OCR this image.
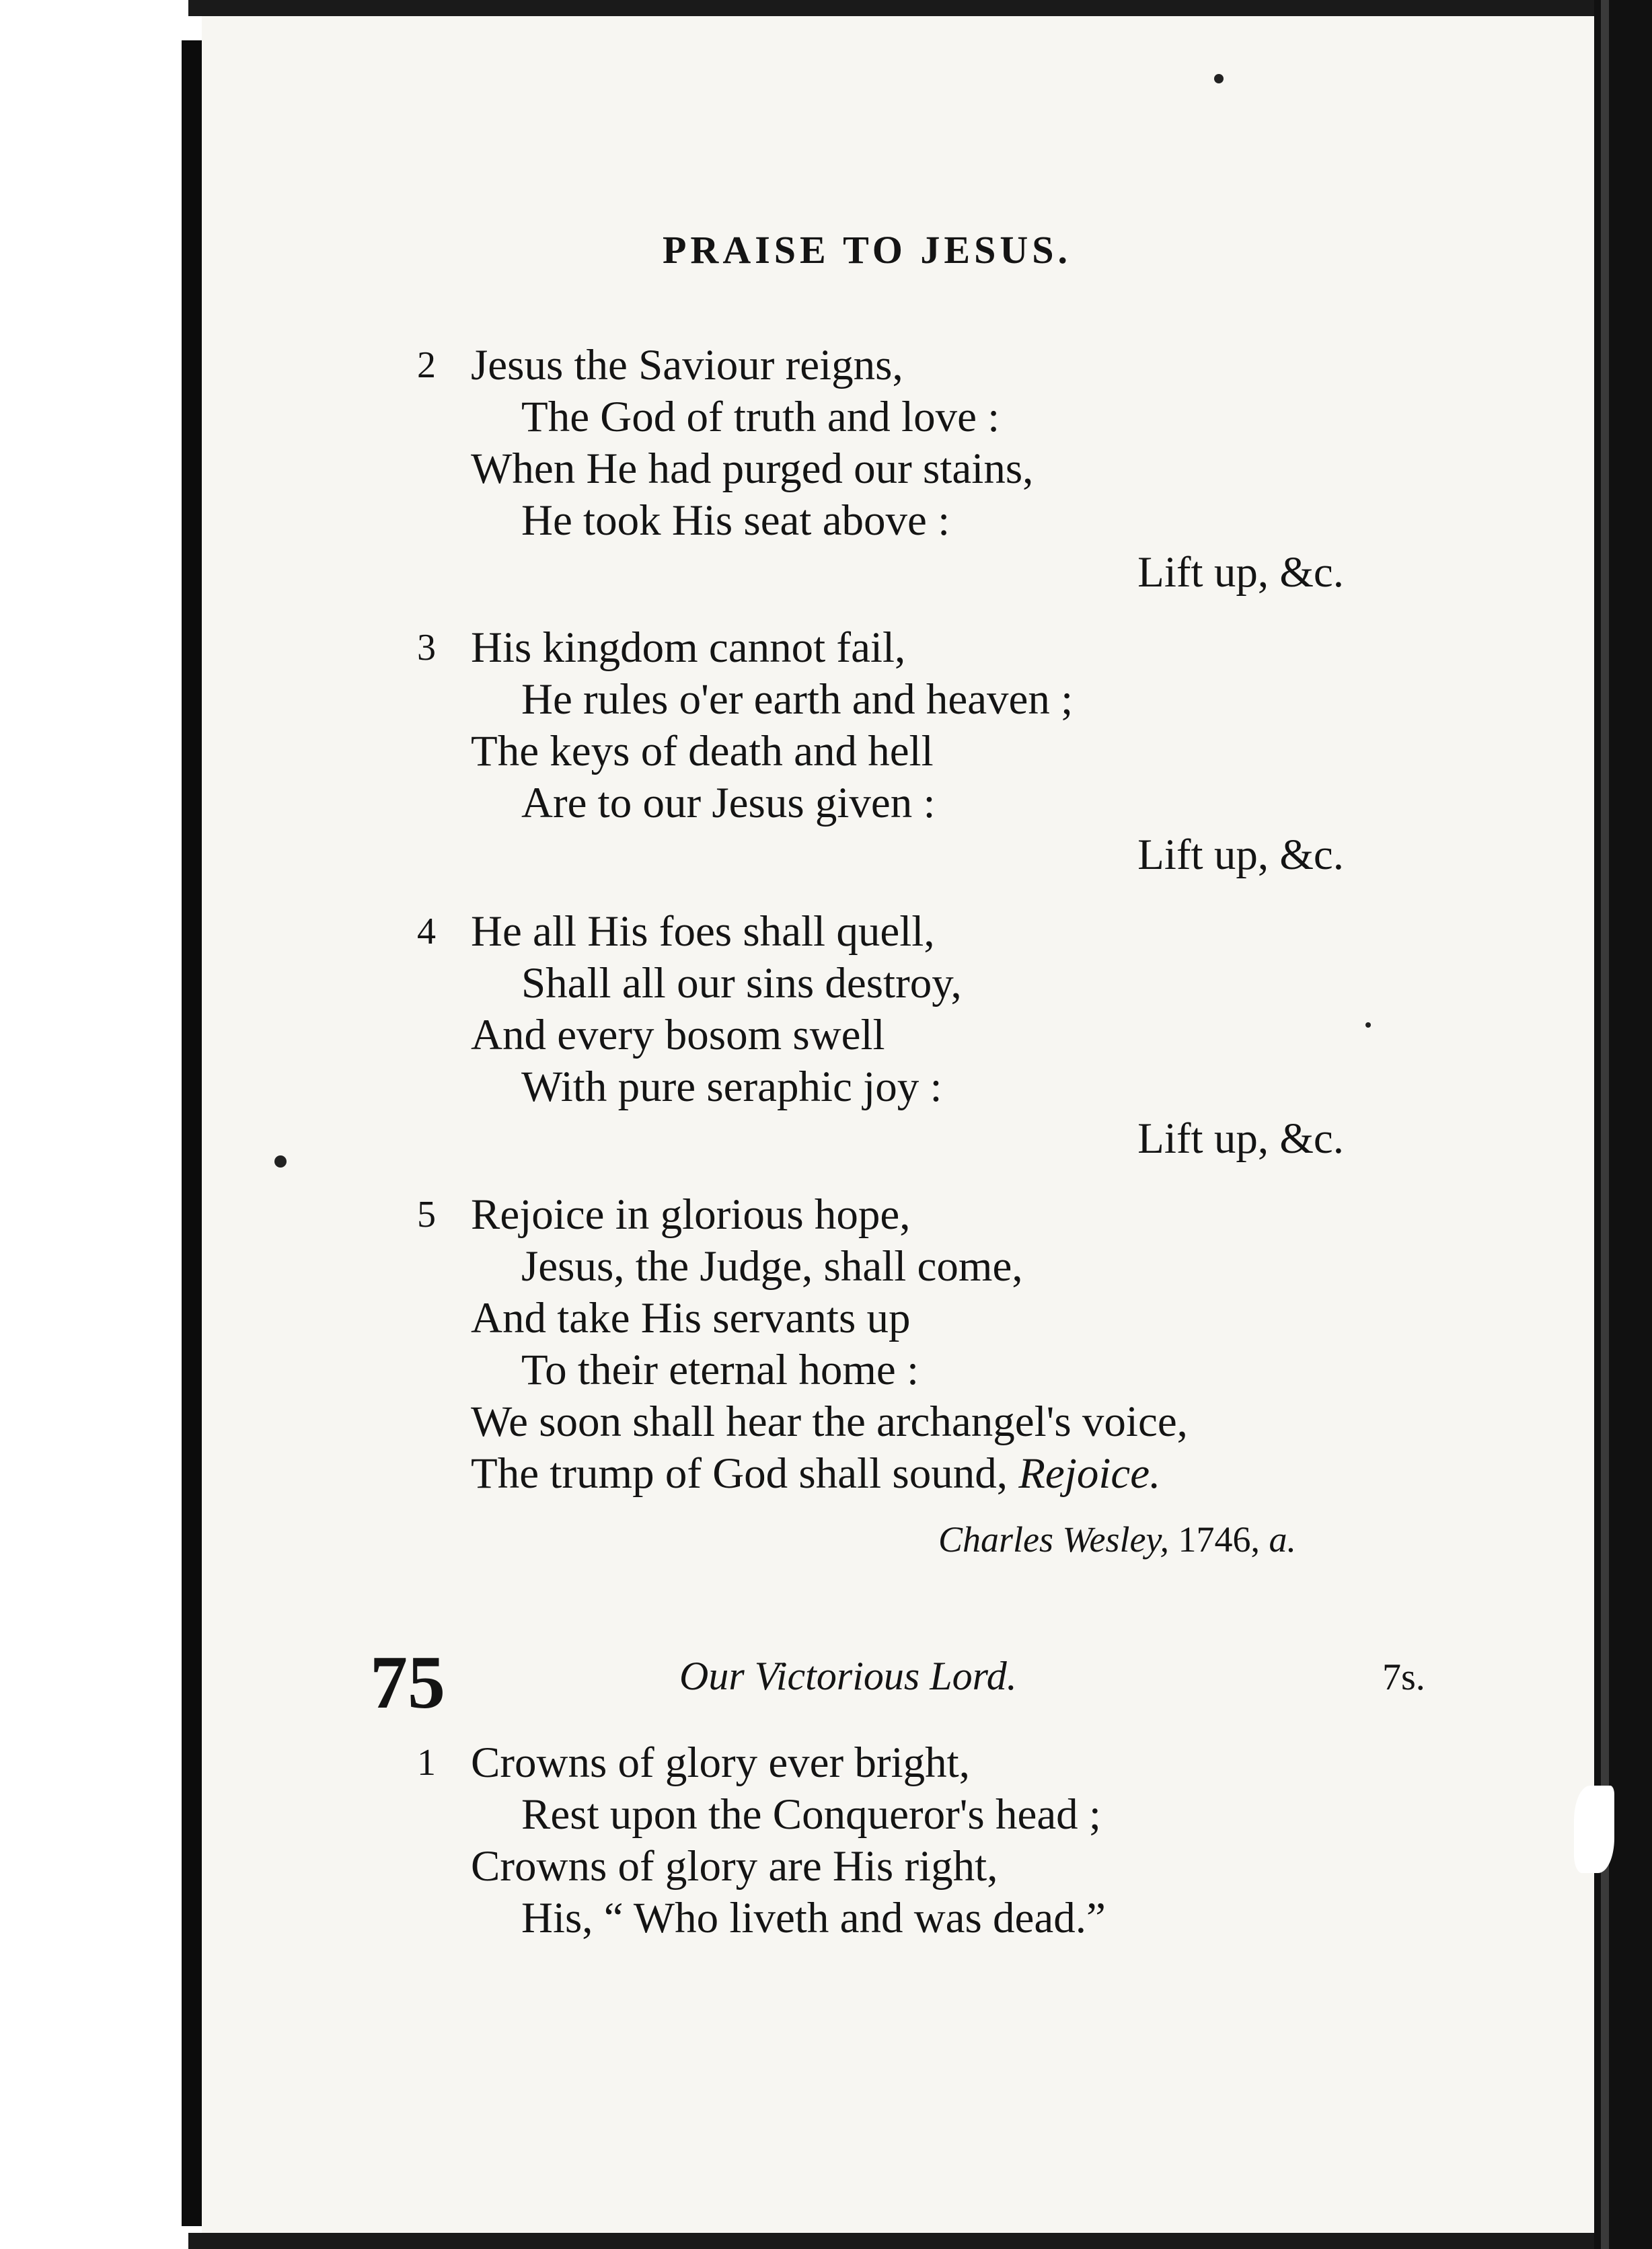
PRAISE TO JESUS.
2 Jesus the Saviour reigns,
The God of truth and love :
When He had purged our stains,
He took His seat above :
Lift up, &c.
3 His kingdom cannot fail,
He rules o'er earth and heaven ;
The keys of death and hell
Are to our Jesus given :
Lift up, &c.
4 He all His foes shall quell,
Shall all our sins destroy,
And every bosom swell
With pure seraphic joy :
Lift up, &c.
5 Rejoice in glorious hope,
Jesus, the Judge, shall come,
And take His servants up
To their eternal home :
We soon shall hear the archangel's voice,
The trump of God shall sound, Rejoice.
Charles Wesley, 1746, a.
75	Our Victorious Lord.	7s.
1 Crowns of glory ever bright,
Rest upon the Conqueror's head ;
Crowns of glory are His right,
His, “ Who liveth and was dead.”
